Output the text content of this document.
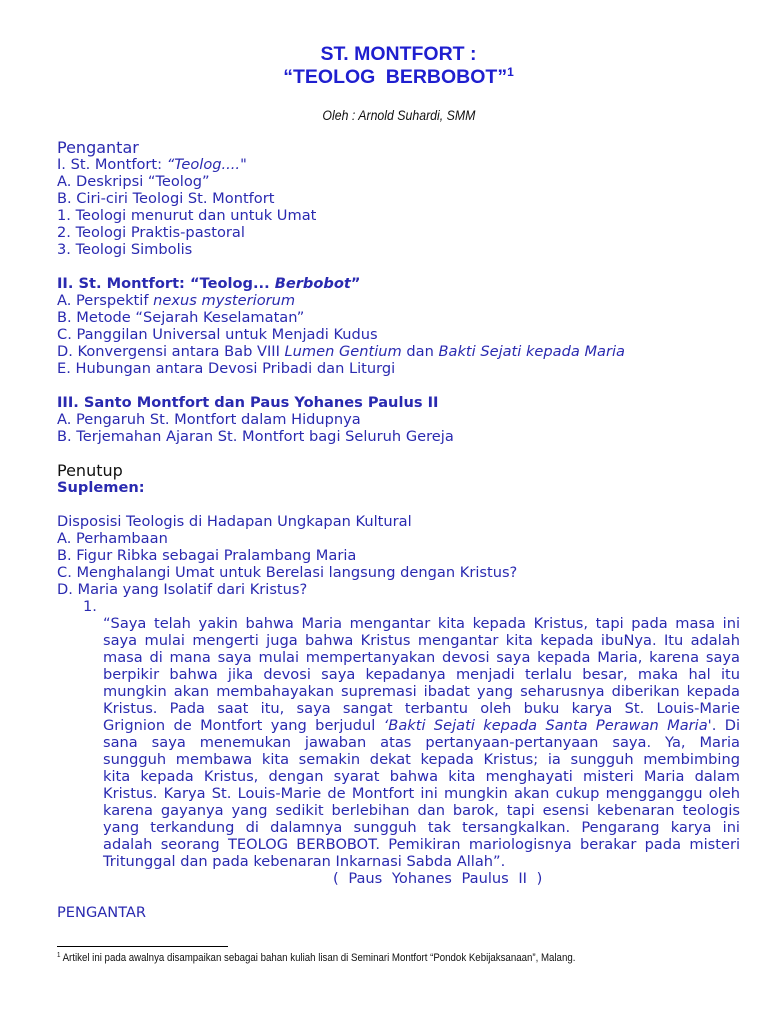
ST. MONTFORT :
“TEOLOG BERBOBOT”$^1$
Oleh : Arnold Suhardi, SMM
Pengantar
I. St. Montfort: “Teolog...."
A. Deskripsi “Teolog”
B. Ciri-ciri Teologi St. Montfort
1. Teologi menurut dan untuk Umat
2. Teologi Praktis-pastoral
3. Teologi Simbolis
II. St. Montfort: “Teolog... Berbobot”
A. Perspektif nexus mysteriorum
B. Metode “Sejarah Keselamatan”
C. Panggilan Universal untuk Menjadi Kudus
D. Konvergensi antara Bab VIII Lumen Gentium dan Bakti Sejati kepada Maria
E. Hubungan antara Devosi Pribadi dan Liturgi
III. Santo Montfort dan Paus Yohanes Paulus II
A. Pengaruh St. Montfort dalam Hidupnya
B. Terjemahan Ajaran St. Montfort bagi Seluruh Gereja
Penutup
Suplemen:
Disposisi Teologis di Hadapan Ungkapan Kultural
A. Perhambaan
B. Figur Ribka sebagai Pralambang Maria
C. Menghalangi Umat untuk Berelasi langsung dengan Kristus?
D. Maria yang Isolatif dari Kristus?
1.
“Saya telah yakin bahwa Maria mengantar kita kepada Kristus, tapi pada masa ini
saya mulai mengerti juga bahwa Kristus mengantar kita kepada ibuNya. Itu adalah
masa di mana saya mulai mempertanyakan devosi saya kepada Maria, karena saya
berpikir bahwa jika devosi saya kepadanya menjadi terlalu besar, maka hal itu
mungkin akan membahayakan supremasi ibadat yang seharusnya diberikan kepada
Kristus. Pada saat itu, saya sangat terbantu oleh buku karya St. Louis-Marie
Grignion de Montfort yang berjudul ‘Bakti Sejati kepada Santa Perawan Maria'. Di
sana saya menemukan jawaban atas pertanyaan-pertanyaan saya. Ya, Maria
sungguh membawa kita semakin dekat kepada Kristus; ia sungguh membimbing
kita kepada Kristus, dengan syarat bahwa kita menghayati misteri Maria dalam
Kristus. Karya St. Louis-Marie de Montfort ini mungkin akan cukup mengganggu oleh
karena gayanya yang sedikit berlebihan dan barok, tapi esensi kebenaran teologis
yang terkandung di dalamnya sungguh tak tersangkalkan. Pengarang karya ini
adalah seorang TEOLOG BERBOBOT. Pemikiran mariologisnya berakar pada misteri
Tritunggal dan pada kebenaran Inkarnasi Sabda Allah”.
( Paus Yohanes Paulus II )
PENGANTAR
$^1$ Artikel ini pada awalnya disampaikan sebagai bahan kuliah lisan di Seminari Montfort “Pondok Kebijaksanaan”, Malang.
